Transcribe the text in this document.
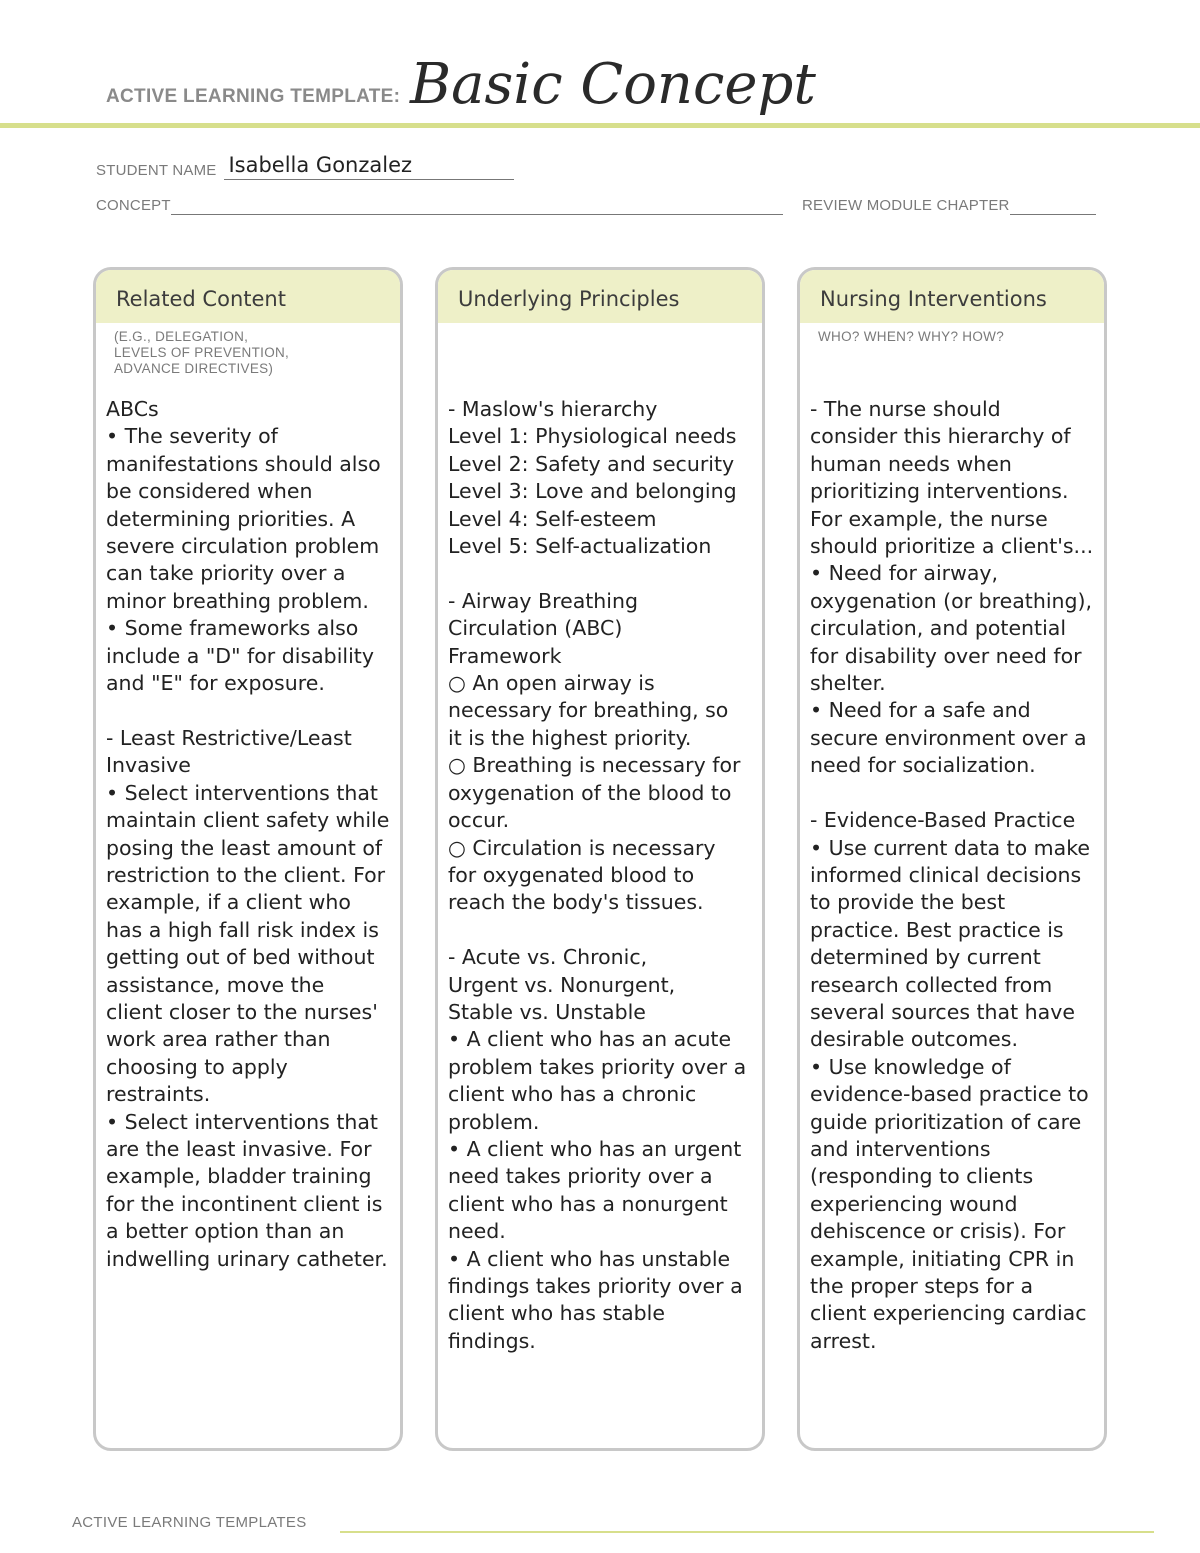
ACTIVE LEARNING TEMPLATE: Basic Concept
STUDENT NAME Isabella Gonzalez
CONCEPT	REVIEW MODULE CHAPTER
Related Content
(E.G., DELEGATION,
LEVELS OF PREVENTION,
ADVANCE DIRECTIVES)
ABCs
• The severity of
manifestations should also
be considered when
determining priorities. A
severe circulation problem
can take priority over a
minor breathing problem.
• Some frameworks also
include a "D" for disability
and "E" for exposure.

- Least Restrictive/Least
Invasive
• Select interventions that
maintain client safety while
posing the least amount of
restriction to the client. For
example, if a client who
has a high fall risk index is
getting out of bed without
assistance, move the
client closer to the nurses'
work area rather than
choosing to apply
restraints.
• Select interventions that
are the least invasive. For
example, bladder training
for the incontinent client is
a better option than an
indwelling urinary catheter.
Underlying Principles
- Maslow's hierarchy
Level 1: Physiological needs
Level 2: Safety and security
Level 3: Love and belonging
Level 4: Self-esteem
Level 5: Self-actualization

- Airway Breathing
Circulation (ABC)
Framework
○ An open airway is
necessary for breathing, so
it is the highest priority.
○ Breathing is necessary for
oxygenation of the blood to
occur.
○ Circulation is necessary
for oxygenated blood to
reach the body's tissues.

- Acute vs. Chronic,
Urgent vs. Nonurgent,
Stable vs. Unstable
• A client who has an acute
problem takes priority over a
client who has a chronic
problem.
• A client who has an urgent
need takes priority over a
client who has a nonurgent
need.
• A client who has unstable
findings takes priority over a
client who has stable
findings.
Nursing Interventions
WHO? WHEN? WHY? HOW?
- The nurse should
consider this hierarchy of
human needs when
prioritizing interventions.
For example, the nurse
should prioritize a client's...
• Need for airway,
oxygenation (or breathing),
circulation, and potential
for disability over need for
shelter.
• Need for a safe and
secure environment over a
need for socialization.

- Evidence-Based Practice
• Use current data to make
informed clinical decisions
to provide the best
practice. Best practice is
determined by current
research collected from
several sources that have
desirable outcomes.
• Use knowledge of
evidence-based practice to
guide prioritization of care
and interventions
(responding to clients
experiencing wound
dehiscence or crisis). For
example, initiating CPR in
the proper steps for a
client experiencing cardiac
arrest.
ACTIVE LEARNING TEMPLATES
